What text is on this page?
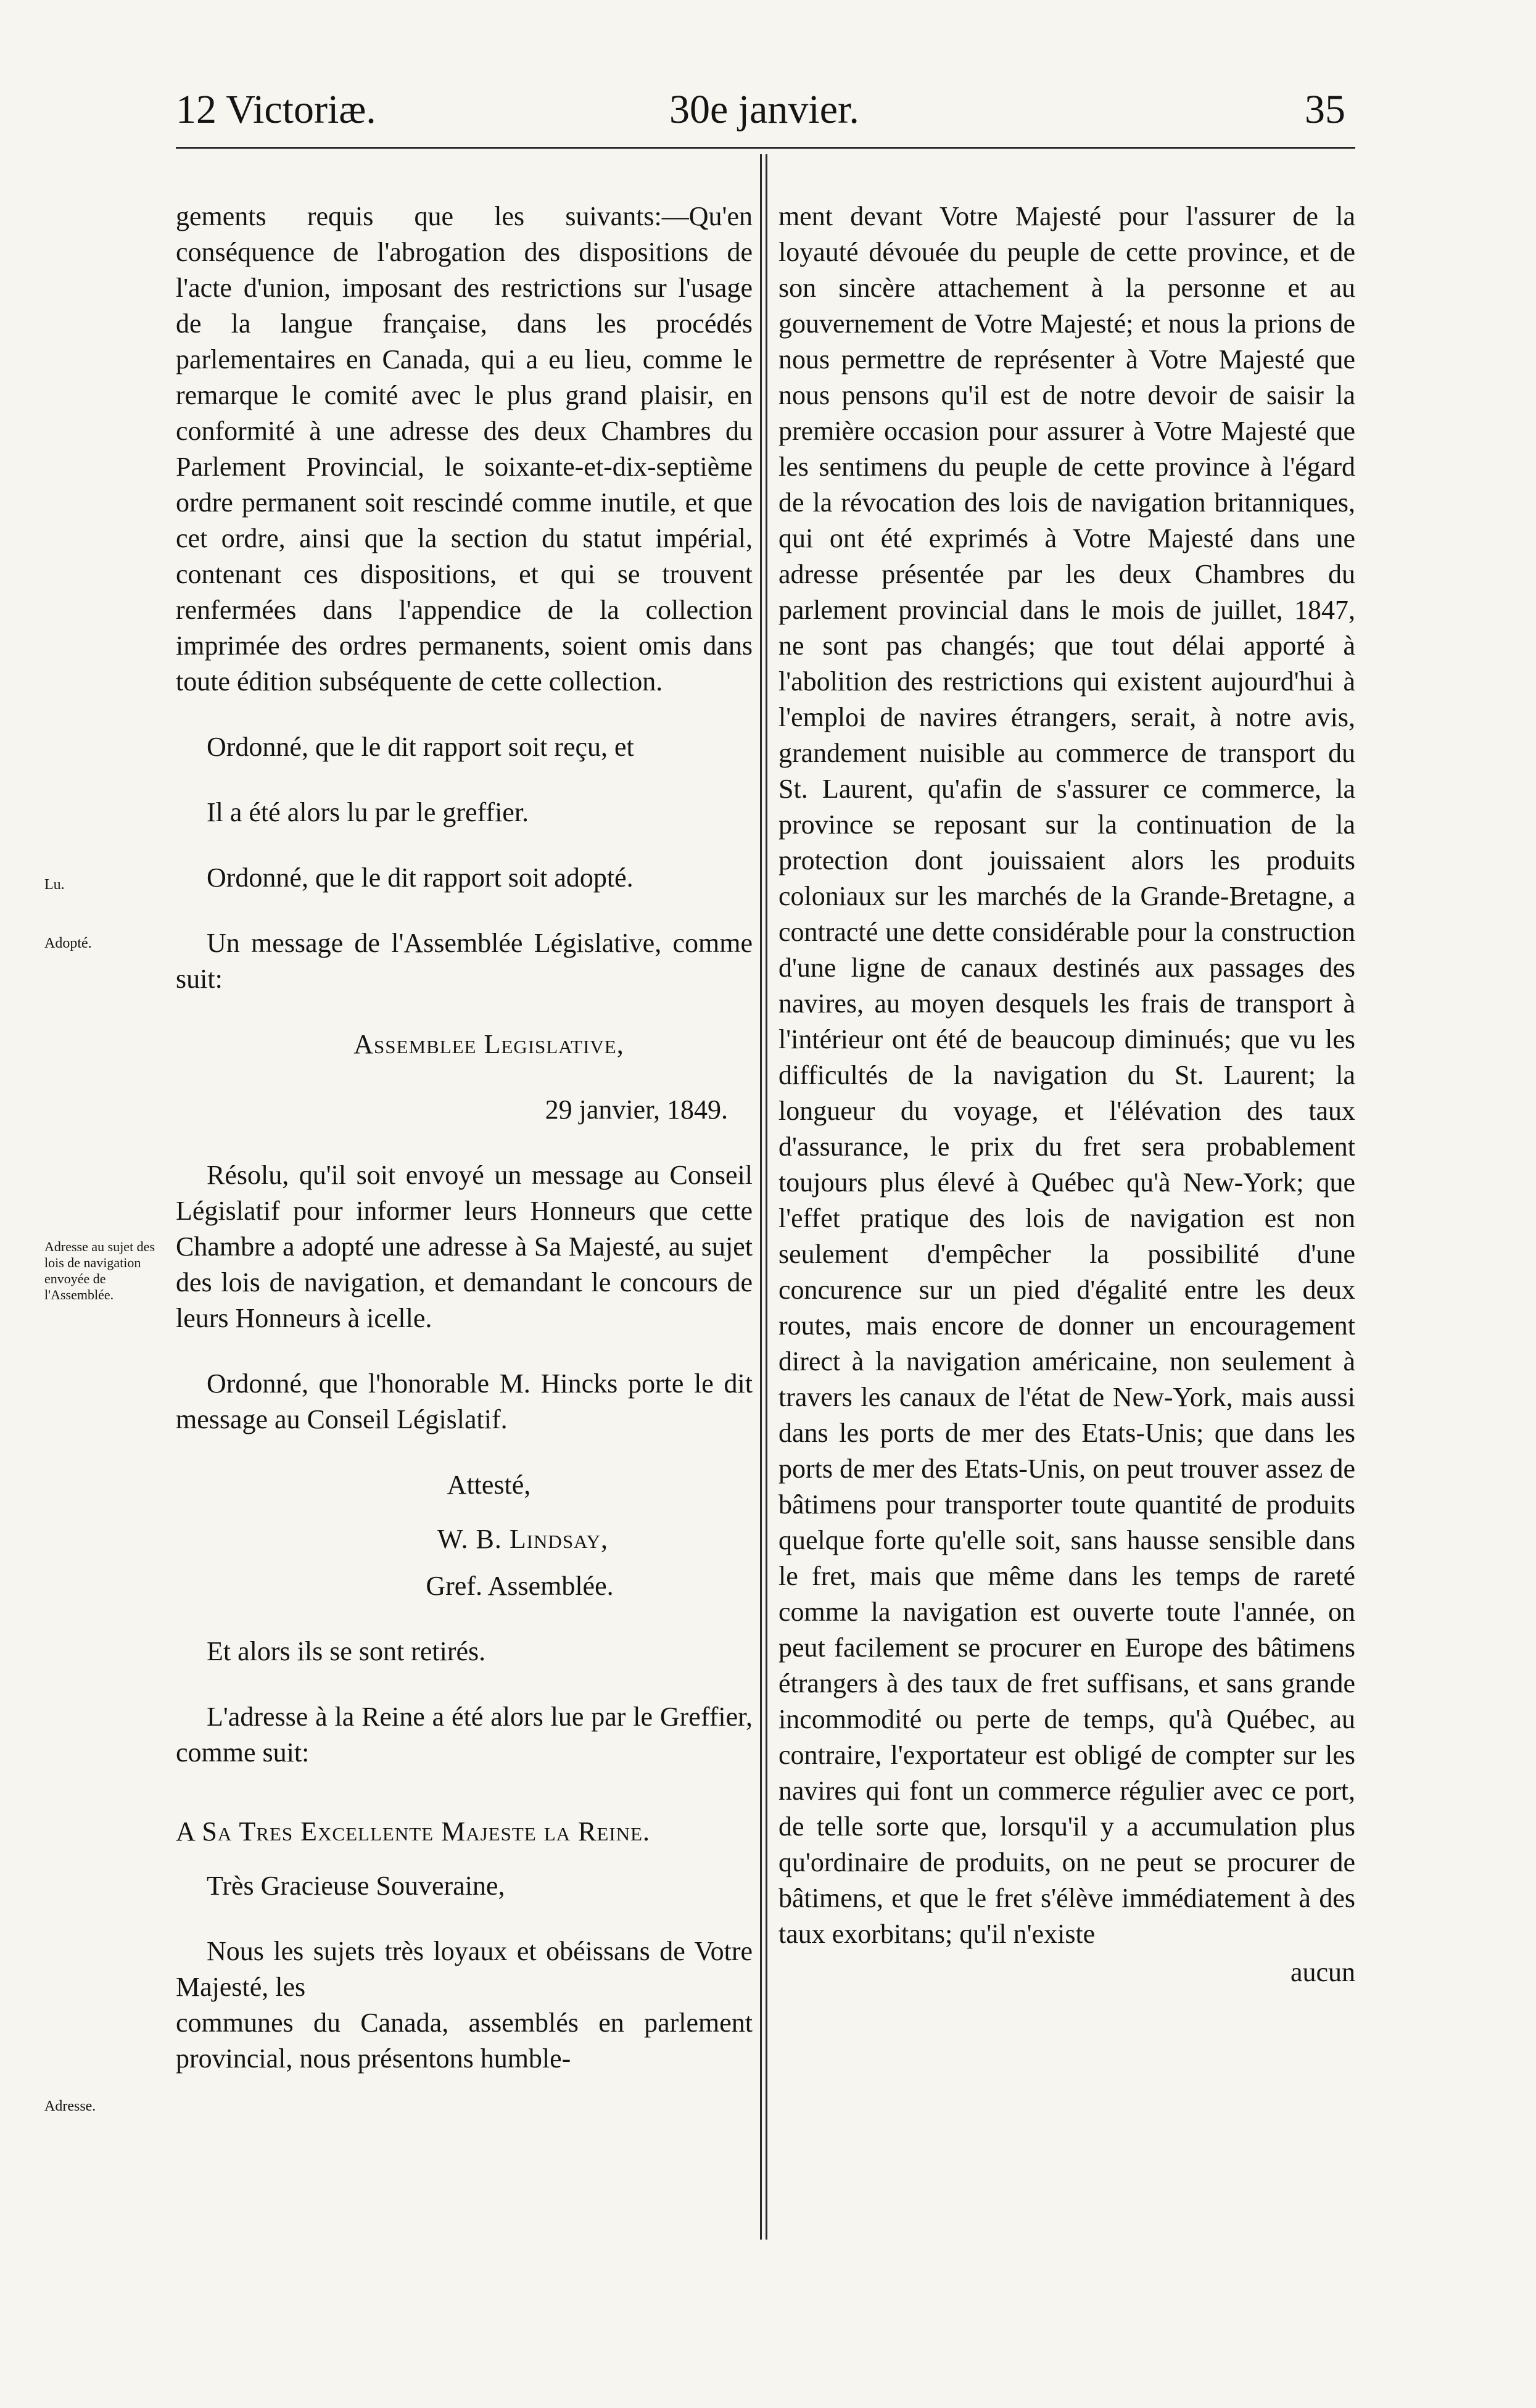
12 Victoriæ.	30e janvier.	35
Lu.
Adopté.
Adresse au sujet des lois de navigation envoyée de l'Assemblée.
Adresse.

gements requis que les suivants:—Qu'en conséquence de l'abrogation des dispositions de l'acte d'union, imposant des restrictions sur l'usage de la langue française, dans les procédés parlementaires en Canada, qui a eu lieu, comme le remarque le comité avec le plus grand plaisir, en conformité à une adresse des deux Chambres du Parlement Provincial, le soixante-et-dix-septième ordre permanent soit rescindé comme inutile, et que cet ordre, ainsi que la section du statut impérial, contenant ces dispositions, et qui se trouvent renfermées dans l'appendice de la collection imprimée des ordres permanents, soient omis dans toute édition subséquente de cette collection.

Ordonné, que le dit rapport soit reçu, et

Il a été alors lu par le greffier.

Ordonné, que le dit rapport soit adopté.

Un message de l'Assemblée Législative, comme suit:

Assemblee Legislative,

29 janvier, 1849.

Résolu, qu'il soit envoyé un message au Conseil Législatif pour informer leurs Honneurs que cette Chambre a adopté une adresse à Sa Majesté, au sujet des lois de navigation, et demandant le concours de leurs Honneurs à icelle.

Ordonné, que l'honorable M. Hincks porte le dit message au Conseil Législatif.

Attesté,

W. B. Lindsay,

Gref. Assemblée.

Et alors ils se sont retirés.

L'adresse à la Reine a été alors lue par le Greffier, comme suit:

A Sa Tres Excellente Majeste la Reine.

Très Gracieuse Souveraine,

Nous les sujets très loyaux et obéissans de Votre Majesté, les

communes du Canada, assemblés en parlement provincial, nous présentons humble-

ment devant Votre Majesté pour l'assurer de la loyauté dévouée du peuple de cette province, et de son sincère attachement à la personne et au gouvernement de Votre Majesté; et nous la prions de nous permettre de représenter à Votre Majesté que nous pensons qu'il est de notre devoir de saisir la première occasion pour assurer à Votre Majesté que les sentimens du peuple de cette province à l'égard de la révocation des lois de navigation britanniques, qui ont été exprimés à Votre Majesté dans une adresse présentée par les deux Chambres du parlement provincial dans le mois de juillet, 1847, ne sont pas changés; que tout délai apporté à l'abolition des restrictions qui existent aujourd'hui à l'emploi de navires étrangers, serait, à notre avis, grandement nuisible au commerce de transport du St. Laurent, qu'afin de s'assurer ce commerce, la province se reposant sur la continuation de la protection dont jouissaient alors les produits coloniaux sur les marchés de la Grande-Bretagne, a contracté une dette considérable pour la construction d'une ligne de canaux destinés aux passages des navires, au moyen desquels les frais de transport à l'intérieur ont été de beaucoup diminués; que vu les difficultés de la navigation du St. Laurent; la longueur du voyage, et l'élévation des taux d'assurance, le prix du fret sera probablement toujours plus élevé à Québec qu'à New-York; que l'effet pratique des lois de navigation est non seulement d'empêcher la possibilité d'une concurence sur un pied d'égalité entre les deux routes, mais encore de donner un encouragement direct à la navigation américaine, non seulement à travers les canaux de l'état de New-York, mais aussi dans les ports de mer des Etats-Unis; que dans les ports de mer des Etats-Unis, on peut trouver assez de bâtimens pour transporter toute quantité de produits quelque forte qu'elle soit, sans hausse sensible dans le fret, mais que même dans les temps de rareté comme la navigation est ouverte toute l'année, on peut facilement se procurer en Europe des bâtimens étrangers à des taux de fret suffisans, et sans grande incommodité ou perte de temps, qu'à Québec, au contraire, l'exportateur est obligé de compter sur les navires qui font un commerce régulier avec ce port, de telle sorte que, lorsqu'il y a accumulation plus qu'ordinaire de produits, on ne peut se procurer de bâtimens, et que le fret s'élève immédiatement à des taux exorbitans; qu'il n'existe

aucun
